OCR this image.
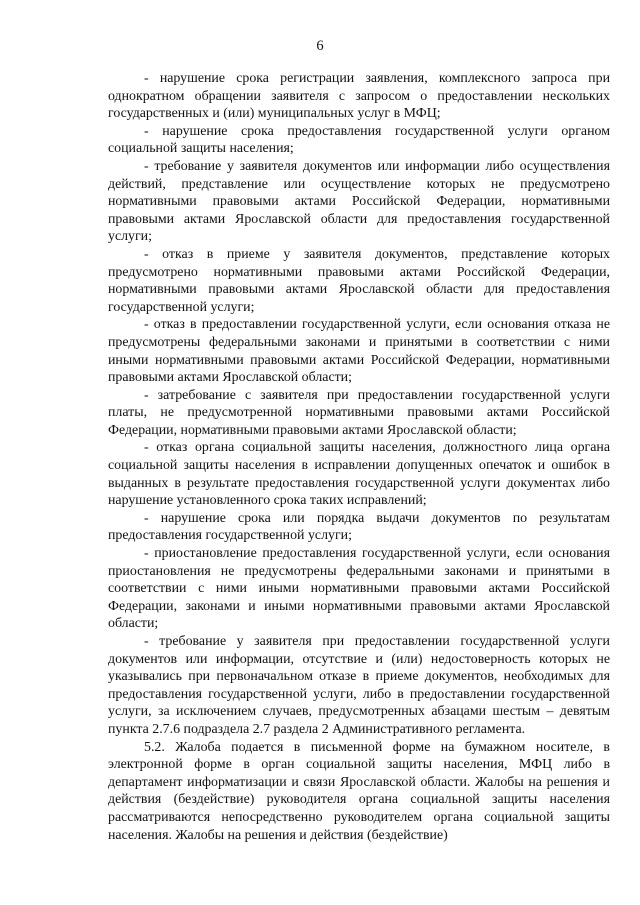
6

- нарушение срока регистрации заявления, комплексного запроса при однократном обращении заявителя с запросом о предоставлении нескольких государственных и (или) муниципальных услуг в МФЦ;

- нарушение срока предоставления государственной услуги органом социальной защиты населения;

- требование у заявителя документов или информации либо осуществления действий, представление или осуществление которых не предусмотрено нормативными правовыми актами Российской Федерации, нормативными правовыми актами Ярославской области для предоставления государственной услуги;

- отказ в приеме у заявителя документов, представление которых предусмотрено нормативными правовыми актами Российской Федерации, нормативными правовыми актами Ярославской области для предоставления государственной услуги;

- отказ в предоставлении государственной услуги, если основания отказа не предусмотрены федеральными законами и принятыми в соответствии с ними иными нормативными правовыми актами Российской Федерации, нормативными правовыми актами Ярославской области;

- затребование с заявителя при предоставлении государственной услуги платы, не предусмотренной нормативными правовыми актами Российской Федерации, нормативными правовыми актами Ярославской области;

- отказ органа социальной защиты населения, должностного лица органа социальной защиты населения в исправлении допущенных опечаток и ошибок в выданных в результате предоставления государственной услуги документах либо нарушение установленного срока таких исправлений;

- нарушение срока или порядка выдачи документов по результатам предоставления государственной услуги;

- приостановление предоставления государственной услуги, если основания приостановления не предусмотрены федеральными законами и принятыми в соответствии с ними иными нормативными правовыми актами Российской Федерации, законами и иными нормативными правовыми актами Ярославской области;

- требование у заявителя при предоставлении государственной услуги документов или информации, отсутствие и (или) недостоверность которых не указывались при первоначальном отказе в приеме документов, необходимых для предоставления государственной услуги, либо в предоставлении государственной услуги, за исключением случаев, предусмотренных абзацами шестым – девятым пункта 2.7.6 подраздела 2.7 раздела 2 Административного регламента.

5.2. Жалоба подается в письменной форме на бумажном носителе, в электронной форме в орган социальной защиты населения, МФЦ либо в департамент информатизации и связи Ярославской области. Жалобы на решения и действия (бездействие) руководителя органа социальной защиты населения рассматриваются непосредственно руководителем органа социальной защиты населения. Жалобы на решения и действия (бездействие)
